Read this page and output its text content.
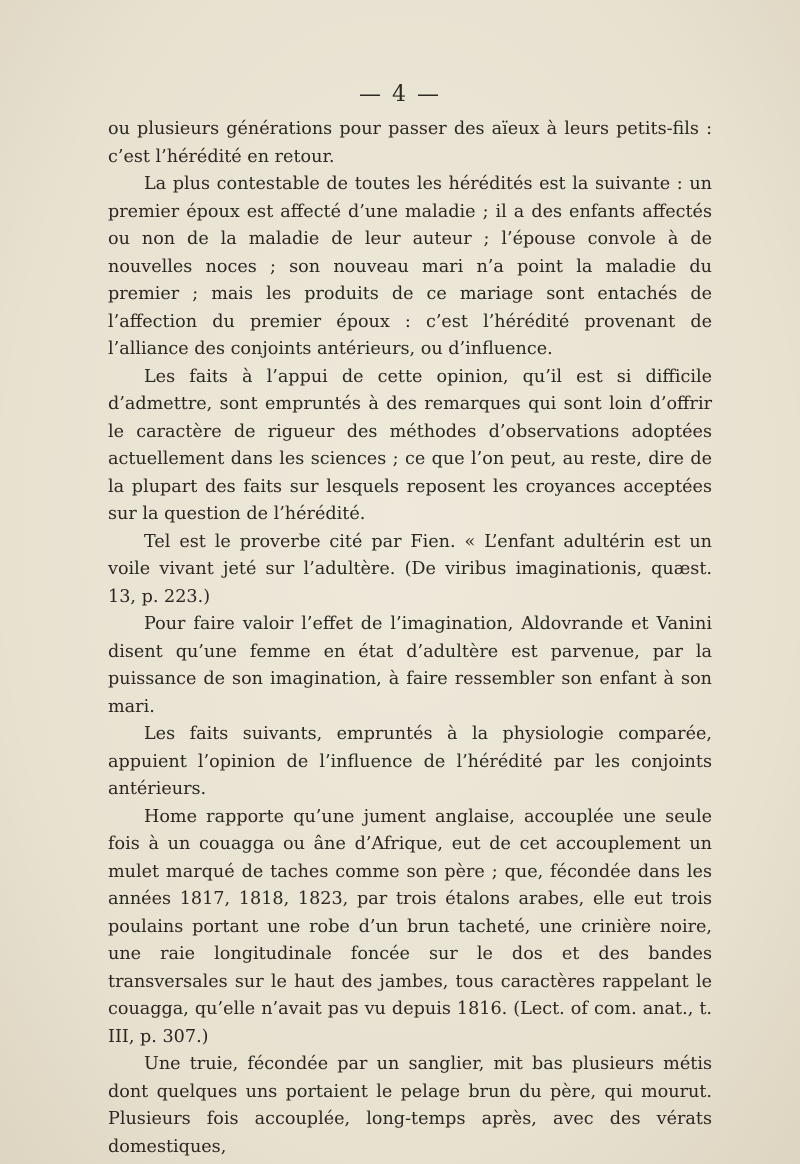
— 4 —

ou plusieurs générations pour passer des aïeux à leurs petits-fils : c’est l’hérédité en retour.

La plus contestable de toutes les hérédités est la suivante : un premier époux est affecté d’une maladie ; il a des enfants affectés ou non de la maladie de leur auteur ; l’épouse convole à de nouvelles noces ; son nouveau mari n’a point la maladie du premier ; mais les produits de ce mariage sont entachés de l’affection du premier époux : c’est l’hérédité provenant de l’alliance des conjoints antérieurs, ou d’influence.

Les faits à l’appui de cette opinion, qu’il est si difficile d’admettre, sont empruntés à des remarques qui sont loin d’offrir le caractère de rigueur des méthodes d’observations adoptées actuellement dans les sciences ; ce que l’on peut, au reste, dire de la plupart des faits sur lesquels reposent les croyances acceptées sur la question de l’hérédité.

Tel est le proverbe cité par Fien. « L’enfant adultérin est un voile vivant jeté sur l’adultère. (De viribus imaginationis, quæst. 13, p. 223.)

Pour faire valoir l’effet de l’imagination, Aldovrande et Vanini disent qu’une femme en état d’adultère est parvenue, par la puissance de son imagination, à faire ressembler son enfant à son mari.

Les faits suivants, empruntés à la physiologie comparée, appuient l’opinion de l’influence de l’hérédité par les conjoints antérieurs.

Home rapporte qu’une jument anglaise, accouplée une seule fois à un couagga ou âne d’Afrique, eut de cet accouplement un mulet marqué de taches comme son père ; que, fécondée dans les années 1817, 1818, 1823, par trois étalons arabes, elle eut trois poulains portant une robe d’un brun tacheté, une crinière noire, une raie longitudinale foncée sur le dos et des bandes transversales sur le haut des jambes, tous caractères rappelant le couagga, qu’elle n’avait pas vu depuis 1816. (Lect. of com. anat., t. III, p. 307.)

Une truie, fécondée par un sanglier, mit bas plusieurs métis dont quelques uns portaient le pelage brun du père, qui mourut. Plusieurs fois accouplée, long-temps après, avec des vérats domestiques,
